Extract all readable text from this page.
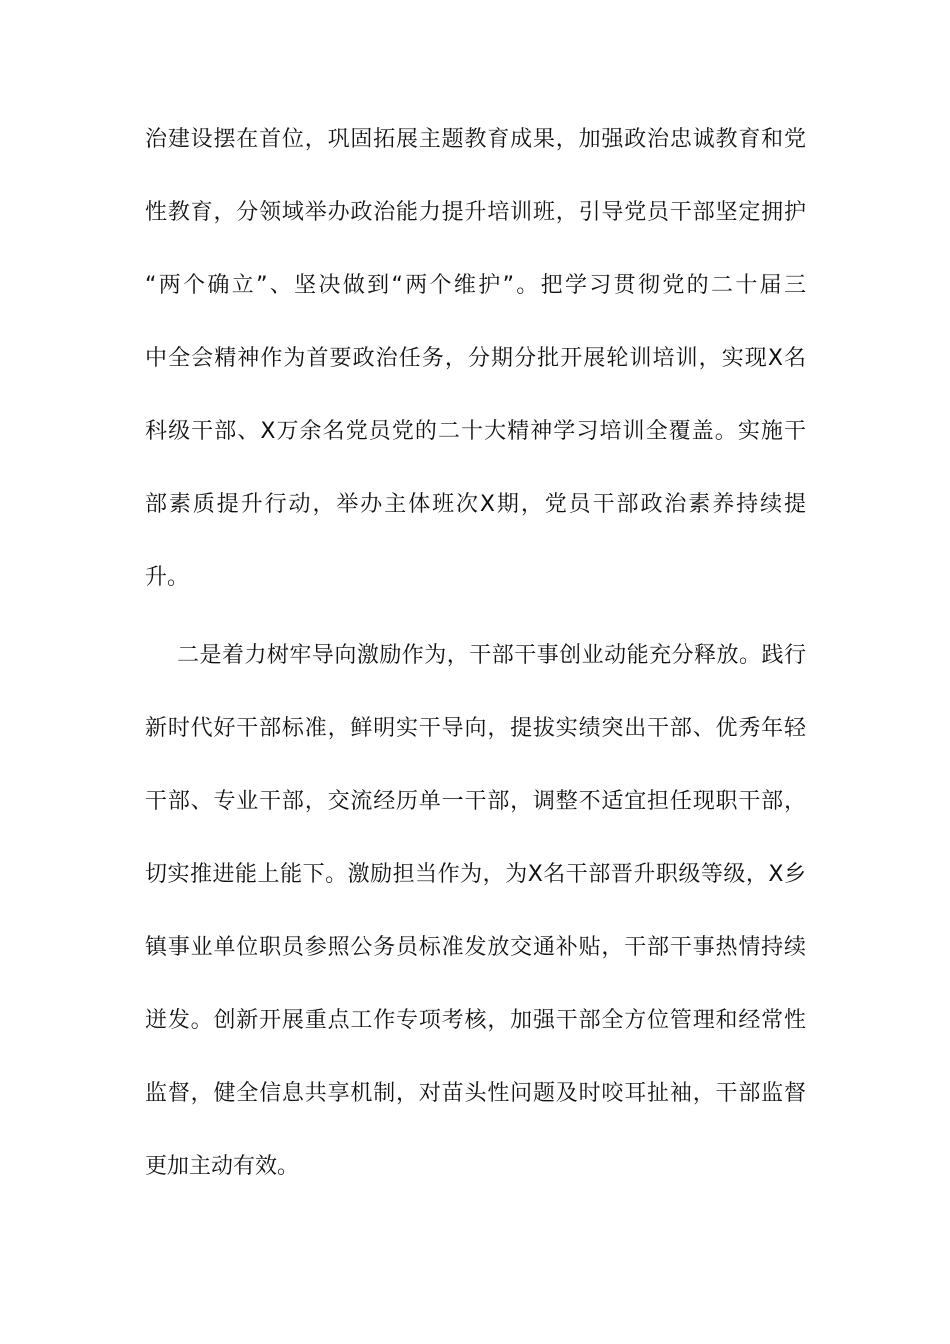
治建设摆在首位，巩固拓展主题教育成果，加强政治忠诚教育和党
性教育，分领域举办政治能力提升培训班，引导党员干部坚定拥护
“两个确立”、坚决做到“两个维护”。把学习贯彻党的二十届三
中全会精神作为首要政治任务，分期分批开展轮训培训，实现X名
科级干部、X万余名党员党的二十大精神学习培训全覆盖。实施干
部素质提升行动，举办主体班次X期，党员干部政治素养持续提
升。
二是着力树牢导向激励作为，干部干事创业动能充分释放。践行
新时代好干部标准，鲜明实干导向，提拔实绩突出干部、优秀年轻
干部、专业干部，交流经历单一干部，调整不适宜担任现职干部，
切实推进能上能下。激励担当作为，为X名干部晋升职级等级，X乡
镇事业单位职员参照公务员标准发放交通补贴，干部干事热情持续
迸发。创新开展重点工作专项考核，加强干部全方位管理和经常性
监督，健全信息共享机制，对苗头性问题及时咬耳扯袖，干部监督
更加主动有效。
